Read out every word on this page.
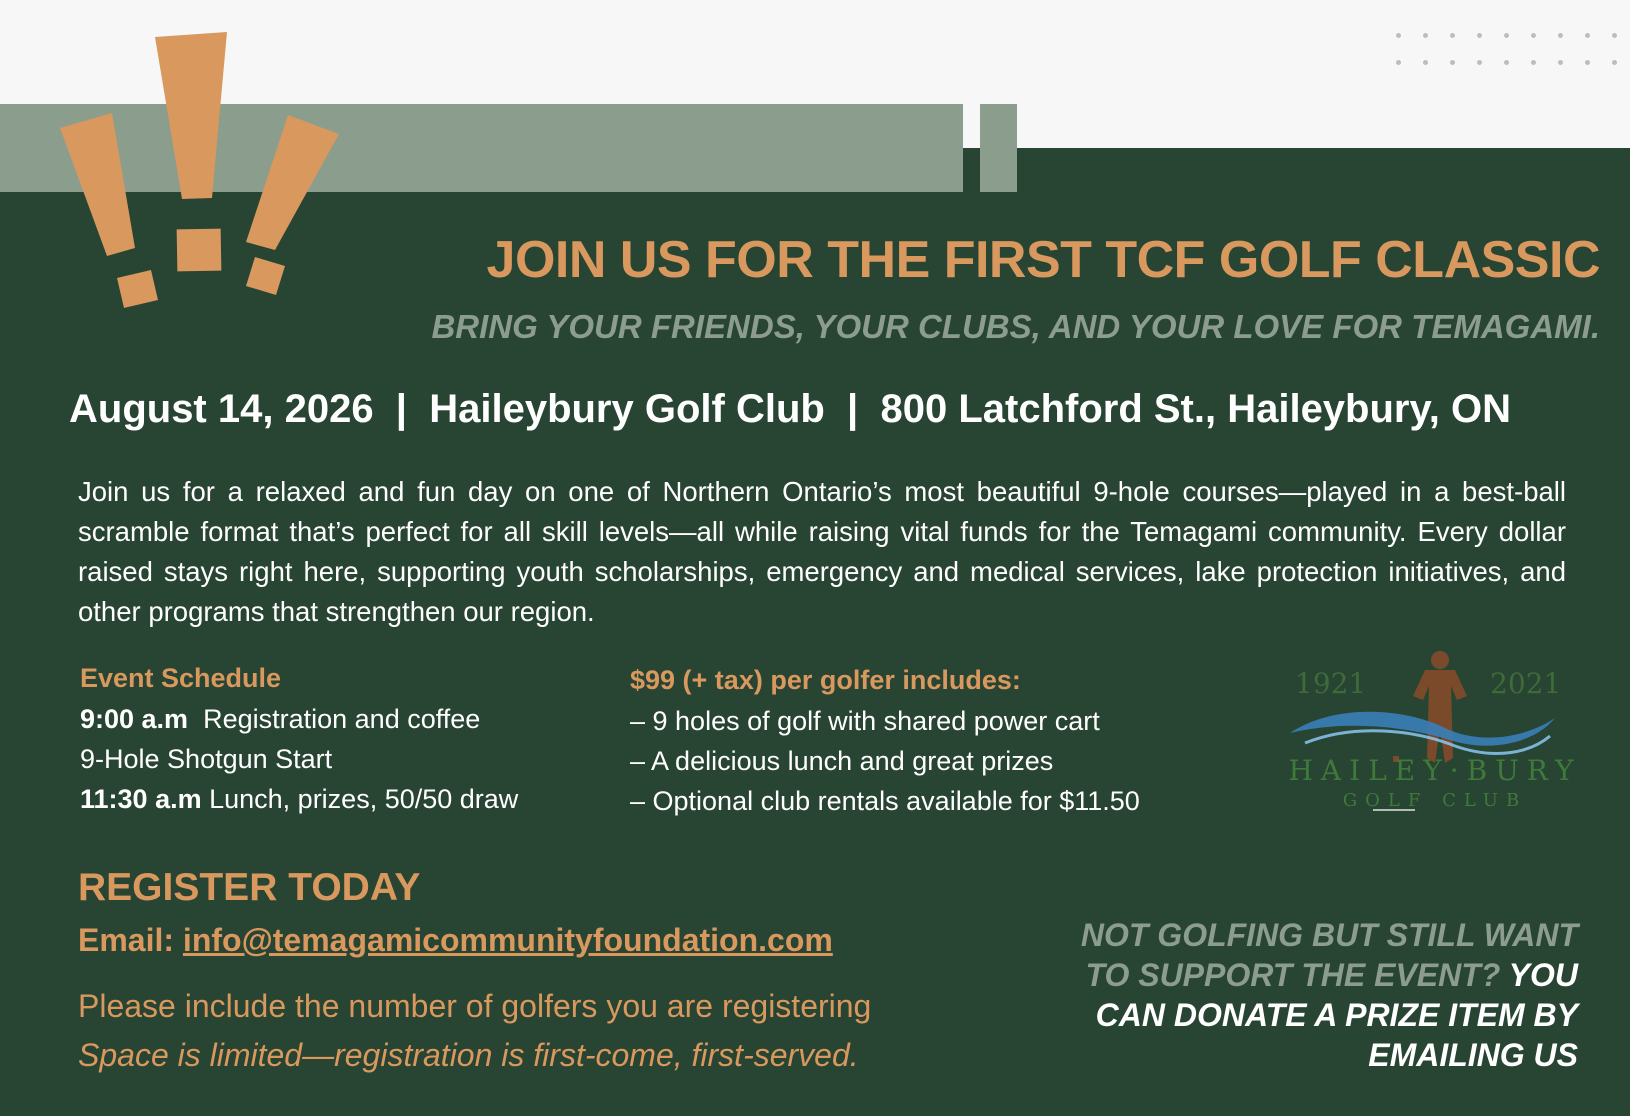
JOIN US FOR THE FIRST TCF GOLF CLASSIC
BRING YOUR FRIENDS, YOUR CLUBS, AND YOUR LOVE FOR TEMAGAMI.
August 14, 2026  |  Haileybury Golf Club  |  800 Latchford St., Haileybury, ON
Join us for a relaxed and fun day on one of Northern Ontario’s most beautiful 9-hole courses—played in a best-ball scramble format that’s perfect for all skill levels—all while raising vital funds for the Temagami community. Every dollar raised stays right here, supporting youth scholarships, emergency and medical services, lake protection initiatives, and other programs that strengthen our region.
Event Schedule
9:00 a.m Registration and coffee
9-Hole Shotgun Start
11:30 a.m Lunch, prizes, 50/50 draw
$99 (+ tax) per golfer includes:
– 9 holes of golf with shared power cart
– A delicious lunch and great prizes
– Optional club rentals available for $11.50
1921	2021
HAILEY·BURY
GOLF CLUB
REGISTER TODAY
Email: info@temagamicommunityfoundation.com
Please include the number of golfers you are registering
Space is limited—registration is first-come, first-served.
NOT GOLFING BUT STILL WANT TO SUPPORT THE EVENT? YOU CAN DONATE A PRIZE ITEM BY EMAILING US
